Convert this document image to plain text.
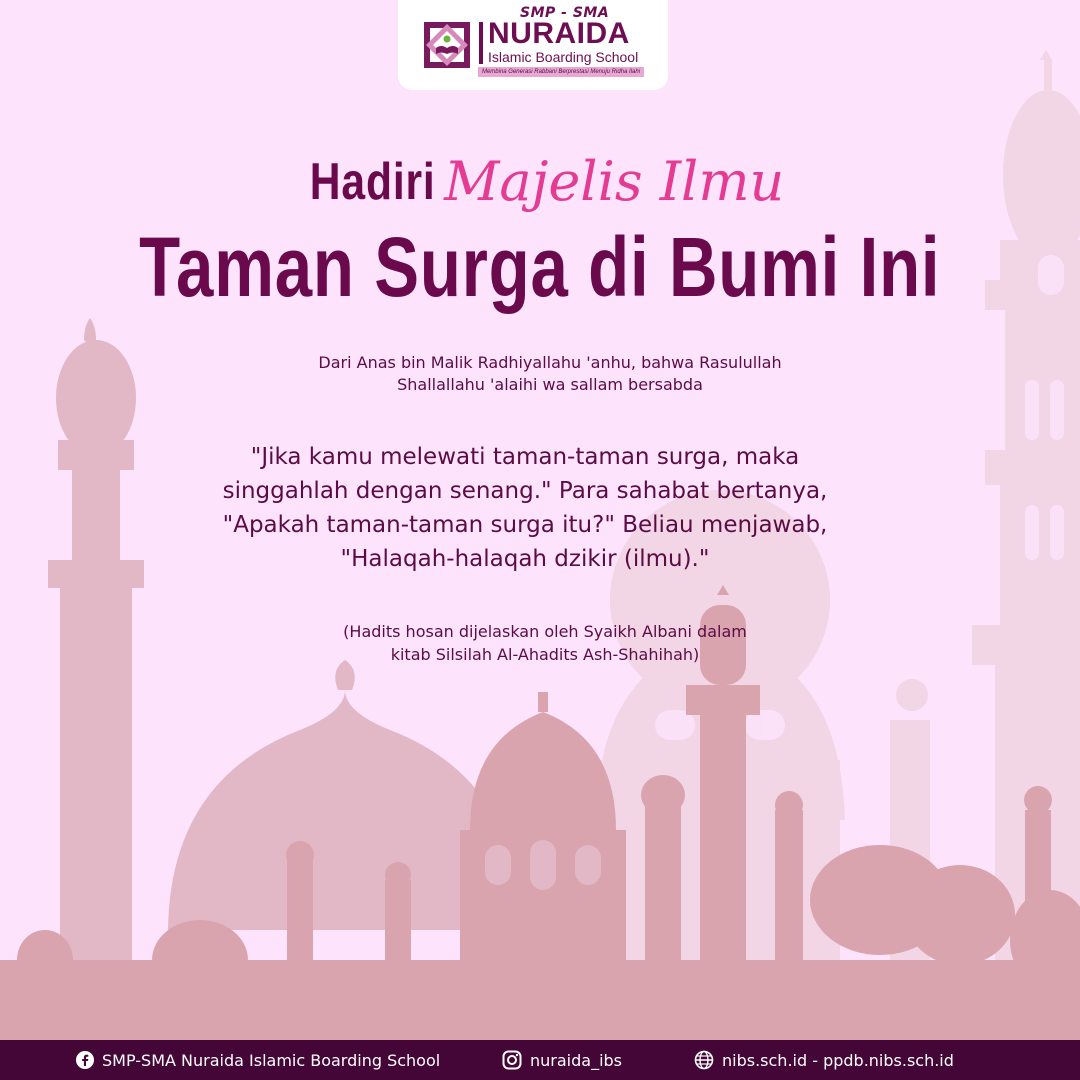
SMP - SMA
NURAIDA
Islamic Boarding School
Membina Generasi Rabbani Berprestasi Menuju Ridha Ilahi
Hadiri Majelis Ilmu
Taman Surga di Bumi Ini
Dari Anas bin Malik Radhiyallahu 'anhu, bahwa Rasulullah
Shallallahu 'alaihi wa sallam bersabda
"Jika kamu melewati taman-taman surga, maka
singgahlah dengan senang." Para sahabat bertanya,
"Apakah taman-taman surga itu?" Beliau menjawab,
"Halaqah-halaqah dzikir (ilmu)."
(Hadits hosan dijelaskan oleh Syaikh Albani dalam
kitab Silsilah Al-Ahadits Ash-Shahihah)
SMP-SMA Nuraida Islamic Boarding School	nuraida_ibs	nibs.sch.id - ppdb.nibs.sch.id
